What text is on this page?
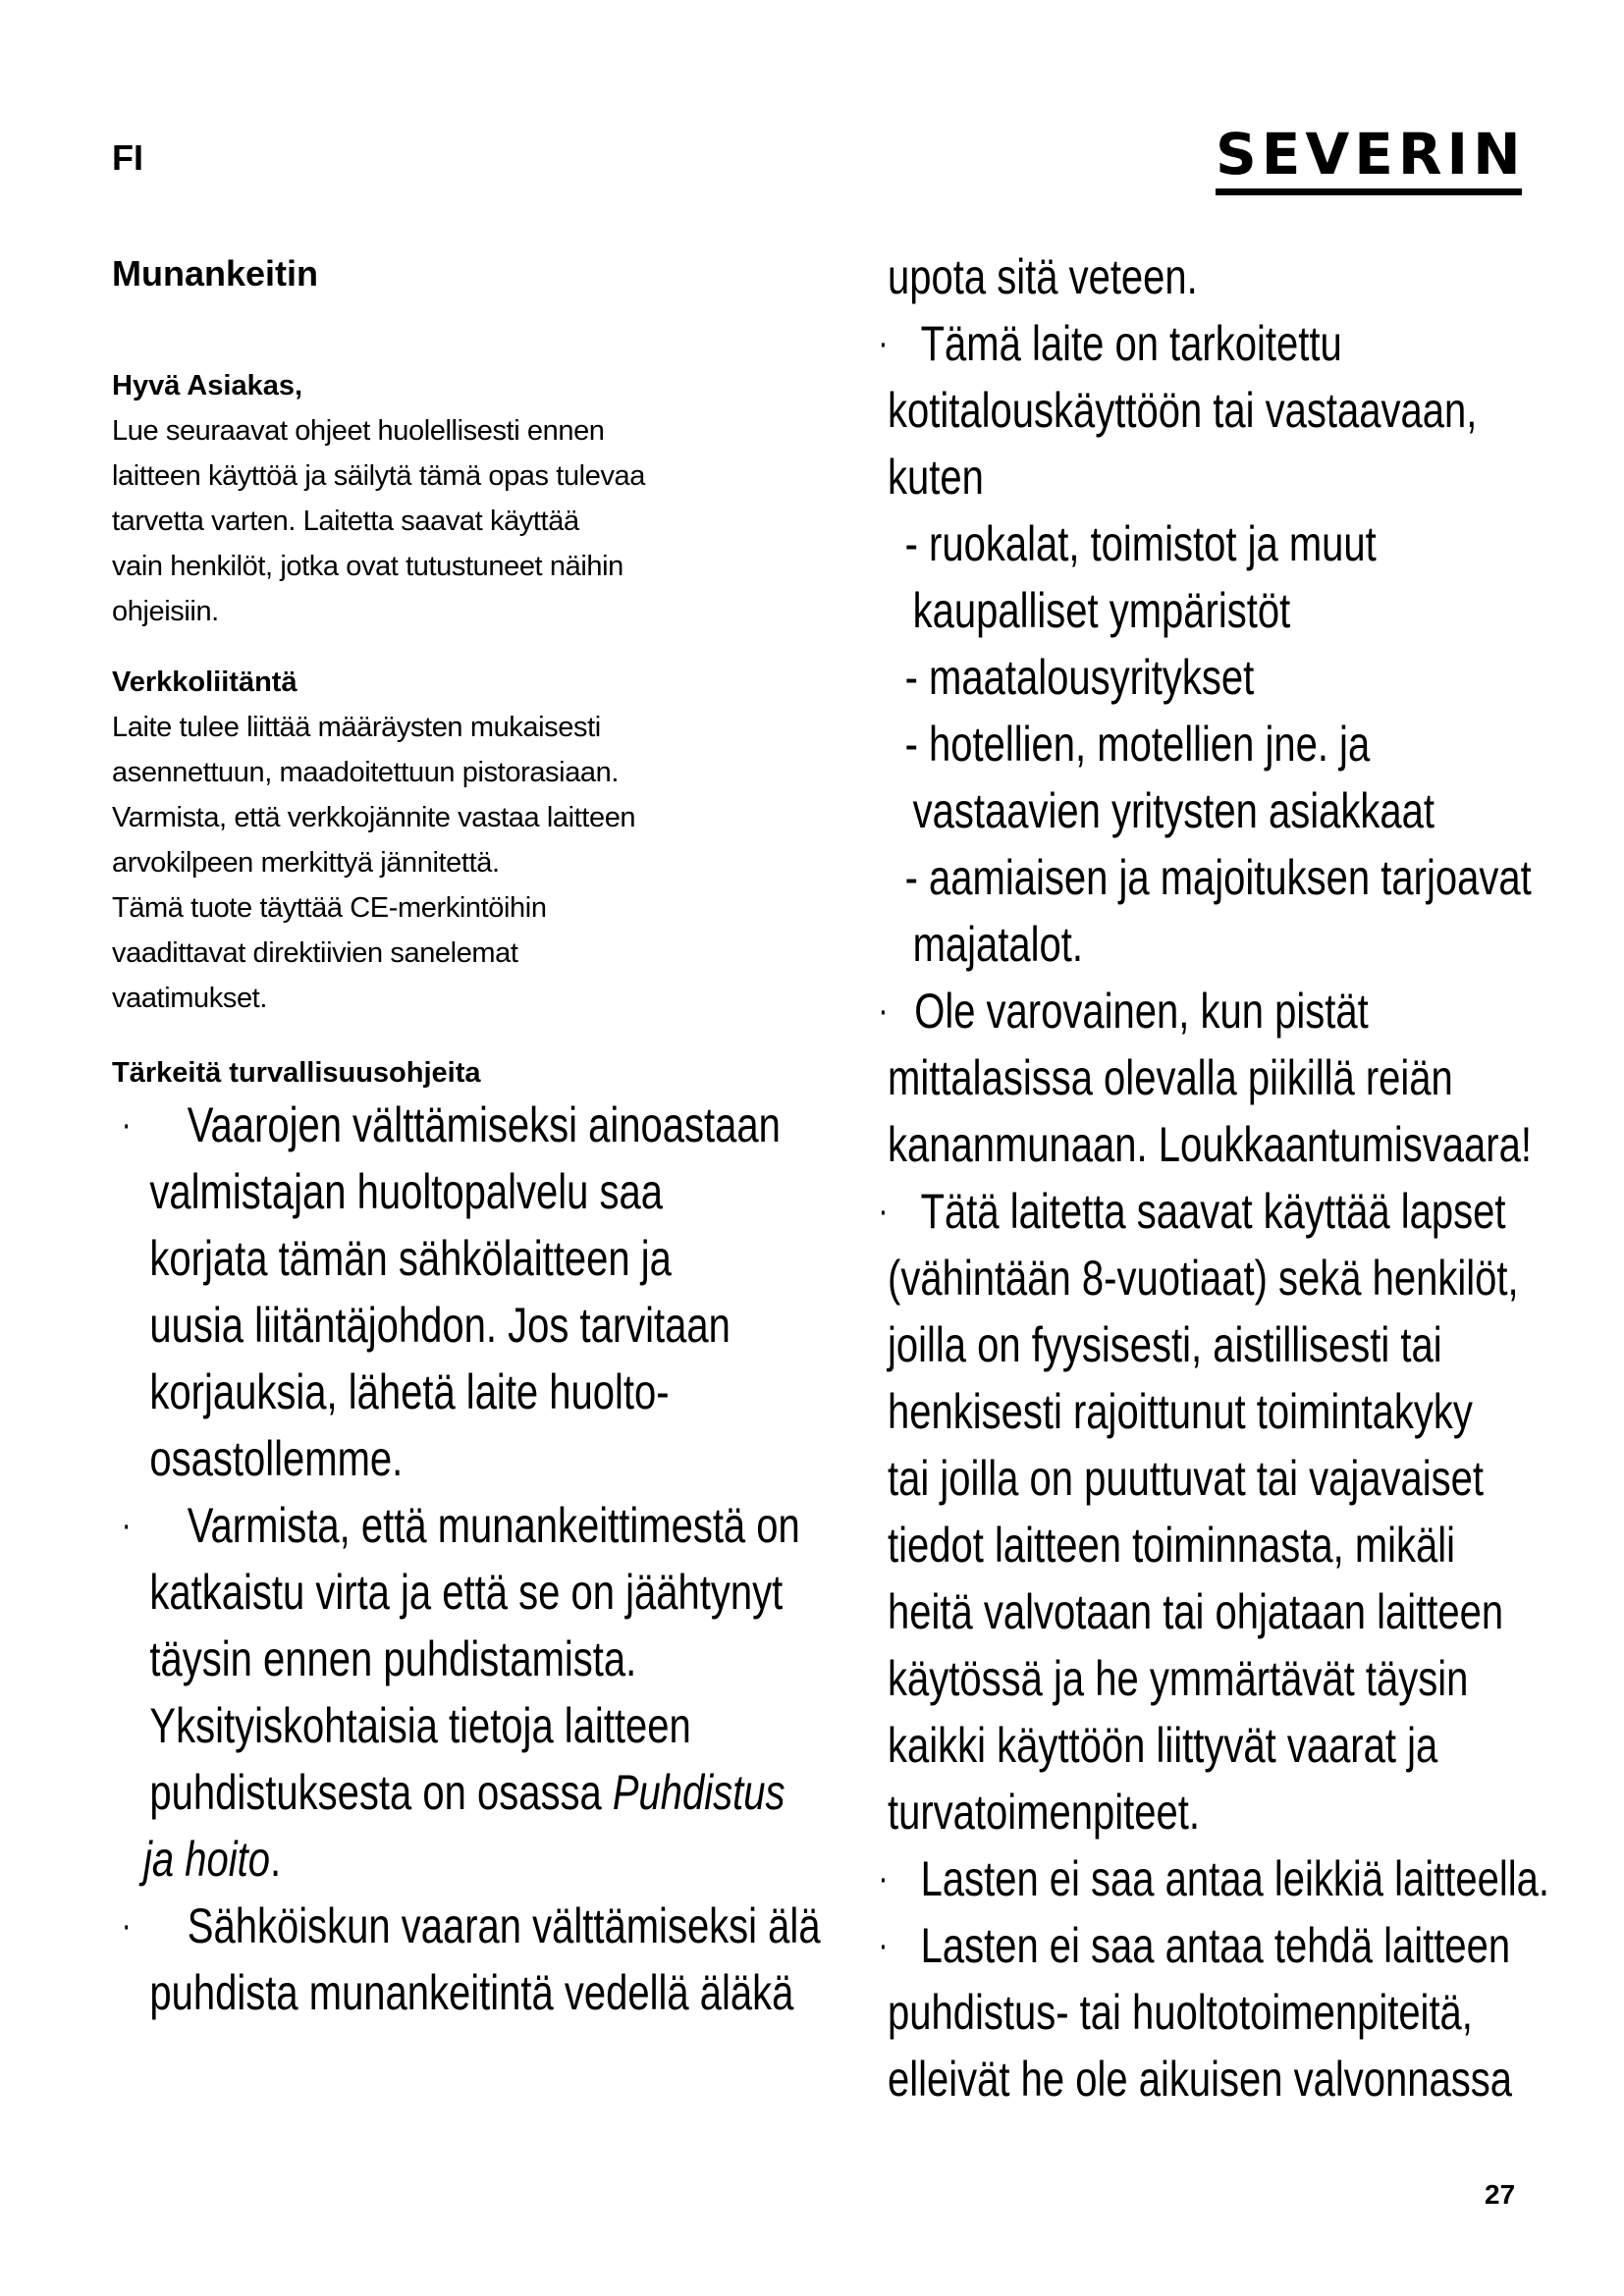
FI	SEVERIN
Munankeitin
Hyvä Asiakas,

Lue seuraavat ohjeet huolellisesti ennen
laitteen käyttöä ja säilytä tämä opas tulevaa
tarvetta varten. Laitetta saavat käyttää
vain henkilöt, jotka ovat tutustuneet näihin
ohjeisiin.

Verkkoliitäntä

Laite tulee liittää määräysten mukaisesti
asennettuun, maadoitettuun pistorasiaan.
Varmista, että verkkojännite vastaa laitteen
arvokilpeen merkittyä jännitettä.
Tämä tuote täyttää CE-merkintöihin
vaadittavat direktiivien sanelemat
vaatimukset.

Tärkeitä turvallisuusohjeita
· Vaarojen välttämiseksi ainoastaan
valmistajan huoltopalvelu saa
korjata tämän sähkölaitteen ja
uusia liitäntäjohdon. Jos tarvitaan
korjauksia, lähetä laite huolto-
osastollemme.
· Varmista, että munankeittimestä on
katkaistu virta ja että se on jäähtynyt
täysin ennen puhdistamista.
Yksityiskohtaisia tietoja laitteen
puhdistuksesta on osassa Puhdistus
ja hoito.
· Sähköiskun vaaran välttämiseksi älä
puhdista munankeitintä vedellä äläkä
upota sitä veteen.
· Tämä laite on tarkoitettu
kotitalouskäyttöön tai vastaavaan,
kuten
- ruokalat, toimistot ja muut
kaupalliset ympäristöt
- maatalousyritykset
- hotellien, motellien jne. ja
vastaavien yritysten asiakkaat
- aamiaisen ja majoituksen tarjoavat
majatalot.
· Ole varovainen, kun pistät
mittalasissa olevalla piikillä reiän
kananmunaan. Loukkaantumisvaara!
· Tätä laitetta saavat käyttää lapset
(vähintään 8-vuotiaat) sekä henkilöt,
joilla on fyysisesti, aistillisesti tai
henkisesti rajoittunut toimintakyky
tai joilla on puuttuvat tai vajavaiset
tiedot laitteen toiminnasta, mikäli
heitä valvotaan tai ohjataan laitteen
käytössä ja he ymmärtävät täysin
kaikki käyttöön liittyvät vaarat ja
turvatoimenpiteet.
· Lasten ei saa antaa leikkiä laitteella.
· Lasten ei saa antaa tehdä laitteen
puhdistus- tai huoltotoimenpiteitä,
elleivät he ole aikuisen valvonnassa
27
